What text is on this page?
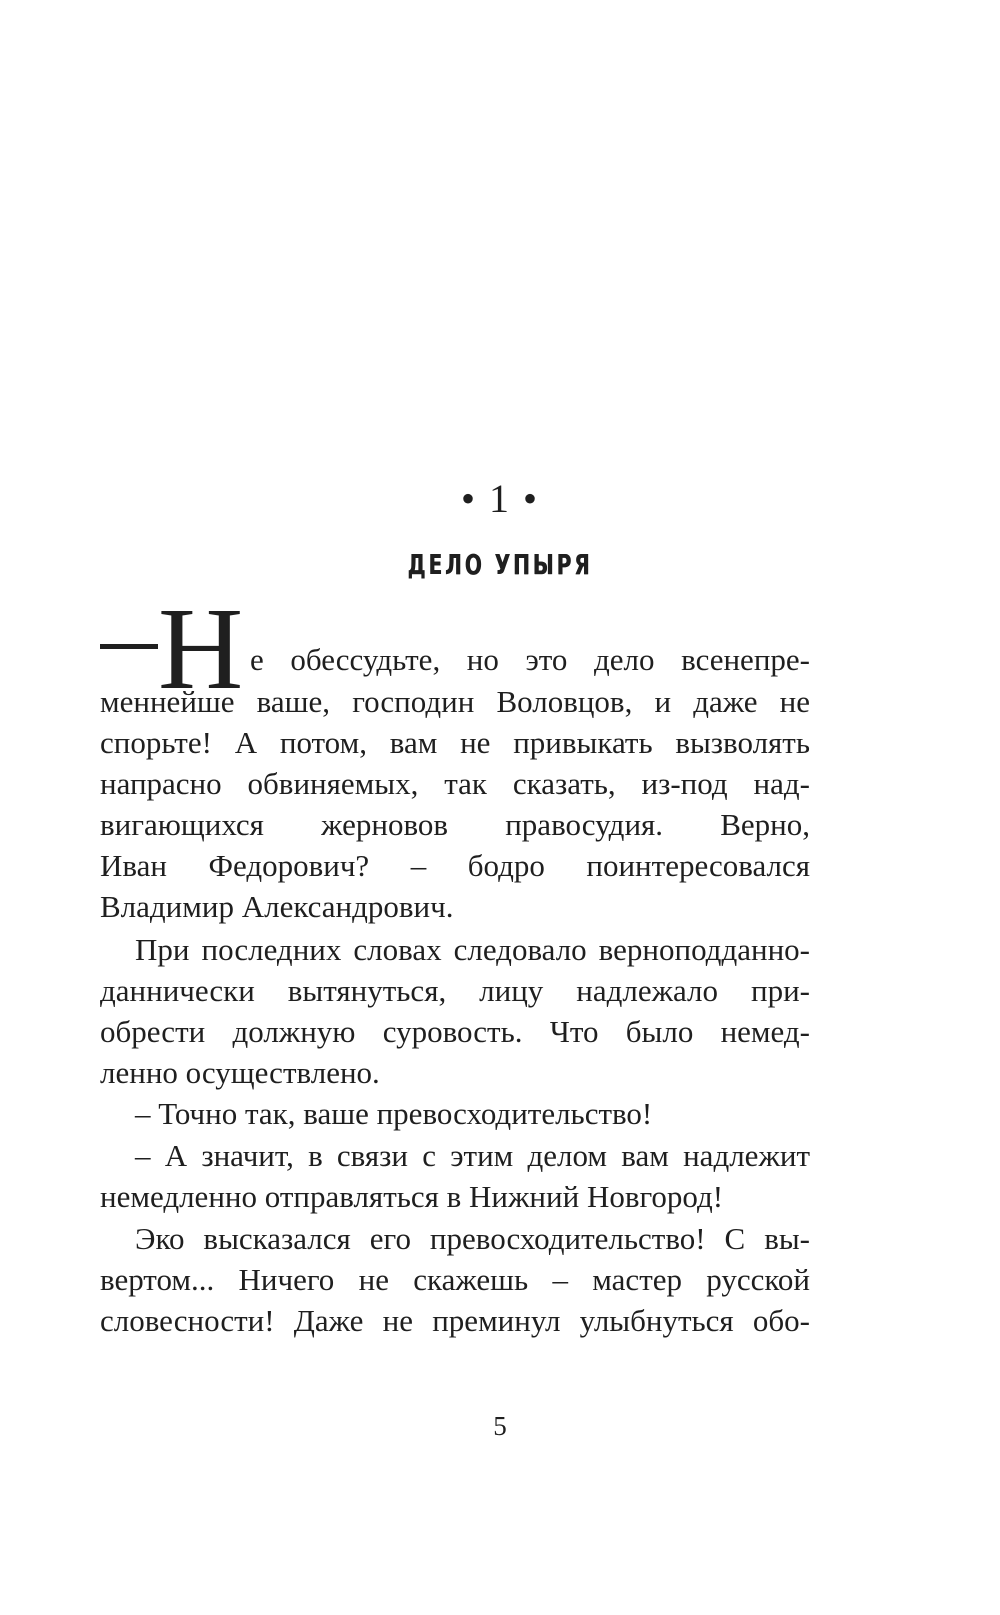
• 1 •
ДЕЛО УПЫРЯ
Н е обессудьте, но это дело всенепре-

меннейше ваше, господин Воловцов, и даже не

спорьте! А потом, вам не привыкать вызволять

напрасно обвиняемых, так сказать, из-под над-

вигающихся жерновов правосудия. Верно,

Иван Федорович? – бодро поинтересовался

Владимир Александрович.

При последних словах следовало верноподданно-

даннически вытянуться, лицу надлежало при-

обрести должную суровость. Что было немед-

ленно осуществлено.

– Точно так, ваше превосходительство!

– А значит, в связи с этим делом вам надлежит

немедленно отправляться в Нижний Новгород!

Эко высказался его превосходительство! С вы-

вертом... Ничего не скажешь – мастер русской

словесности! Даже не преминул улыбнуться обо-

5
